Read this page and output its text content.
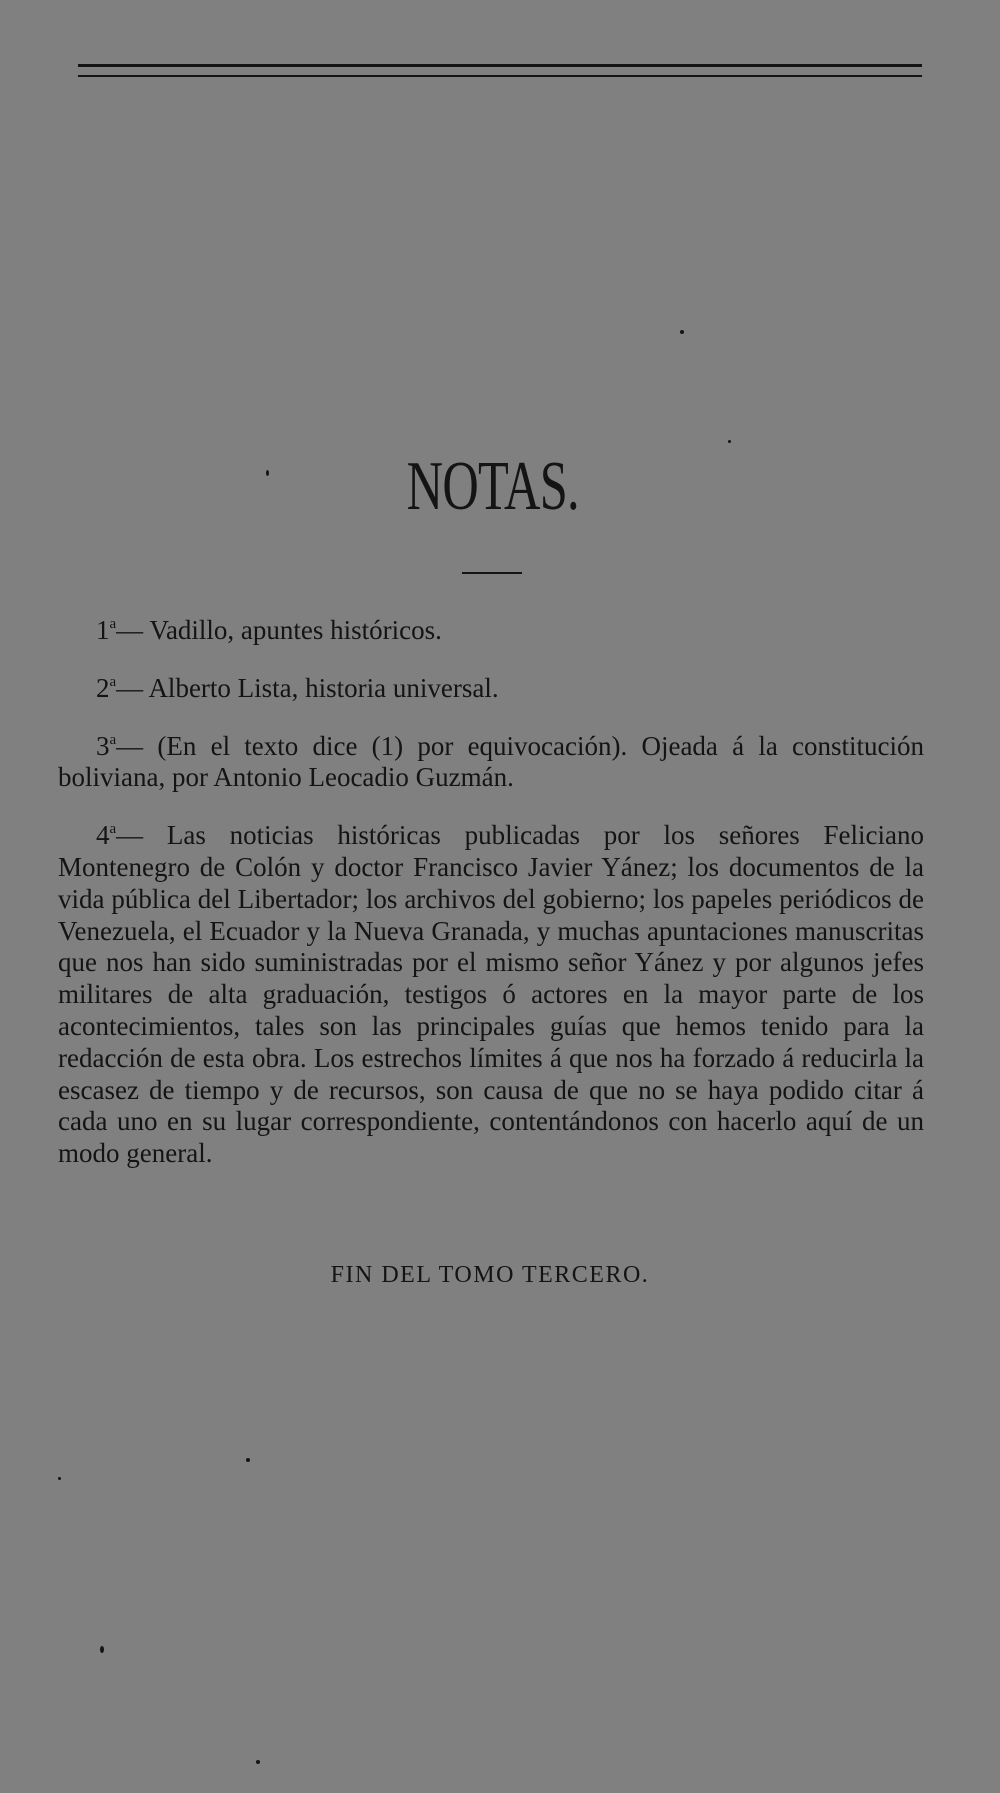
NOTAS.

1$^a$— Vadillo, apuntes históricos.

2$^a$— Alberto Lista, historia universal.

3$^a$— (En el texto dice (1) por equivocación). Ojeada á la constitución boliviana, por Antonio Leocadio Guzmán.

4$^a$— Las noticias históricas publicadas por los señores Feliciano Montenegro de Colón y doctor Francisco Javier Yánez; los documentos de la vida pública del Libertador; los archivos del gobierno; los papeles periódicos de Venezuela, el Ecuador y la Nueva Granada, y muchas apuntaciones manuscritas que nos han sido suministradas por el mismo señor Yánez y por algunos jefes militares de alta graduación, testigos ó actores en la mayor parte de los acontecimientos, tales son las principales guías que hemos tenido para la redacción de esta obra. Los estrechos límites á que nos ha forzado á reducirla la escasez de tiempo y de recursos, son causa de que no se haya podido citar á cada uno en su lugar correspondiente, contentándonos con hacerlo aquí de un modo general.

FIN DEL TOMO TERCERO.
